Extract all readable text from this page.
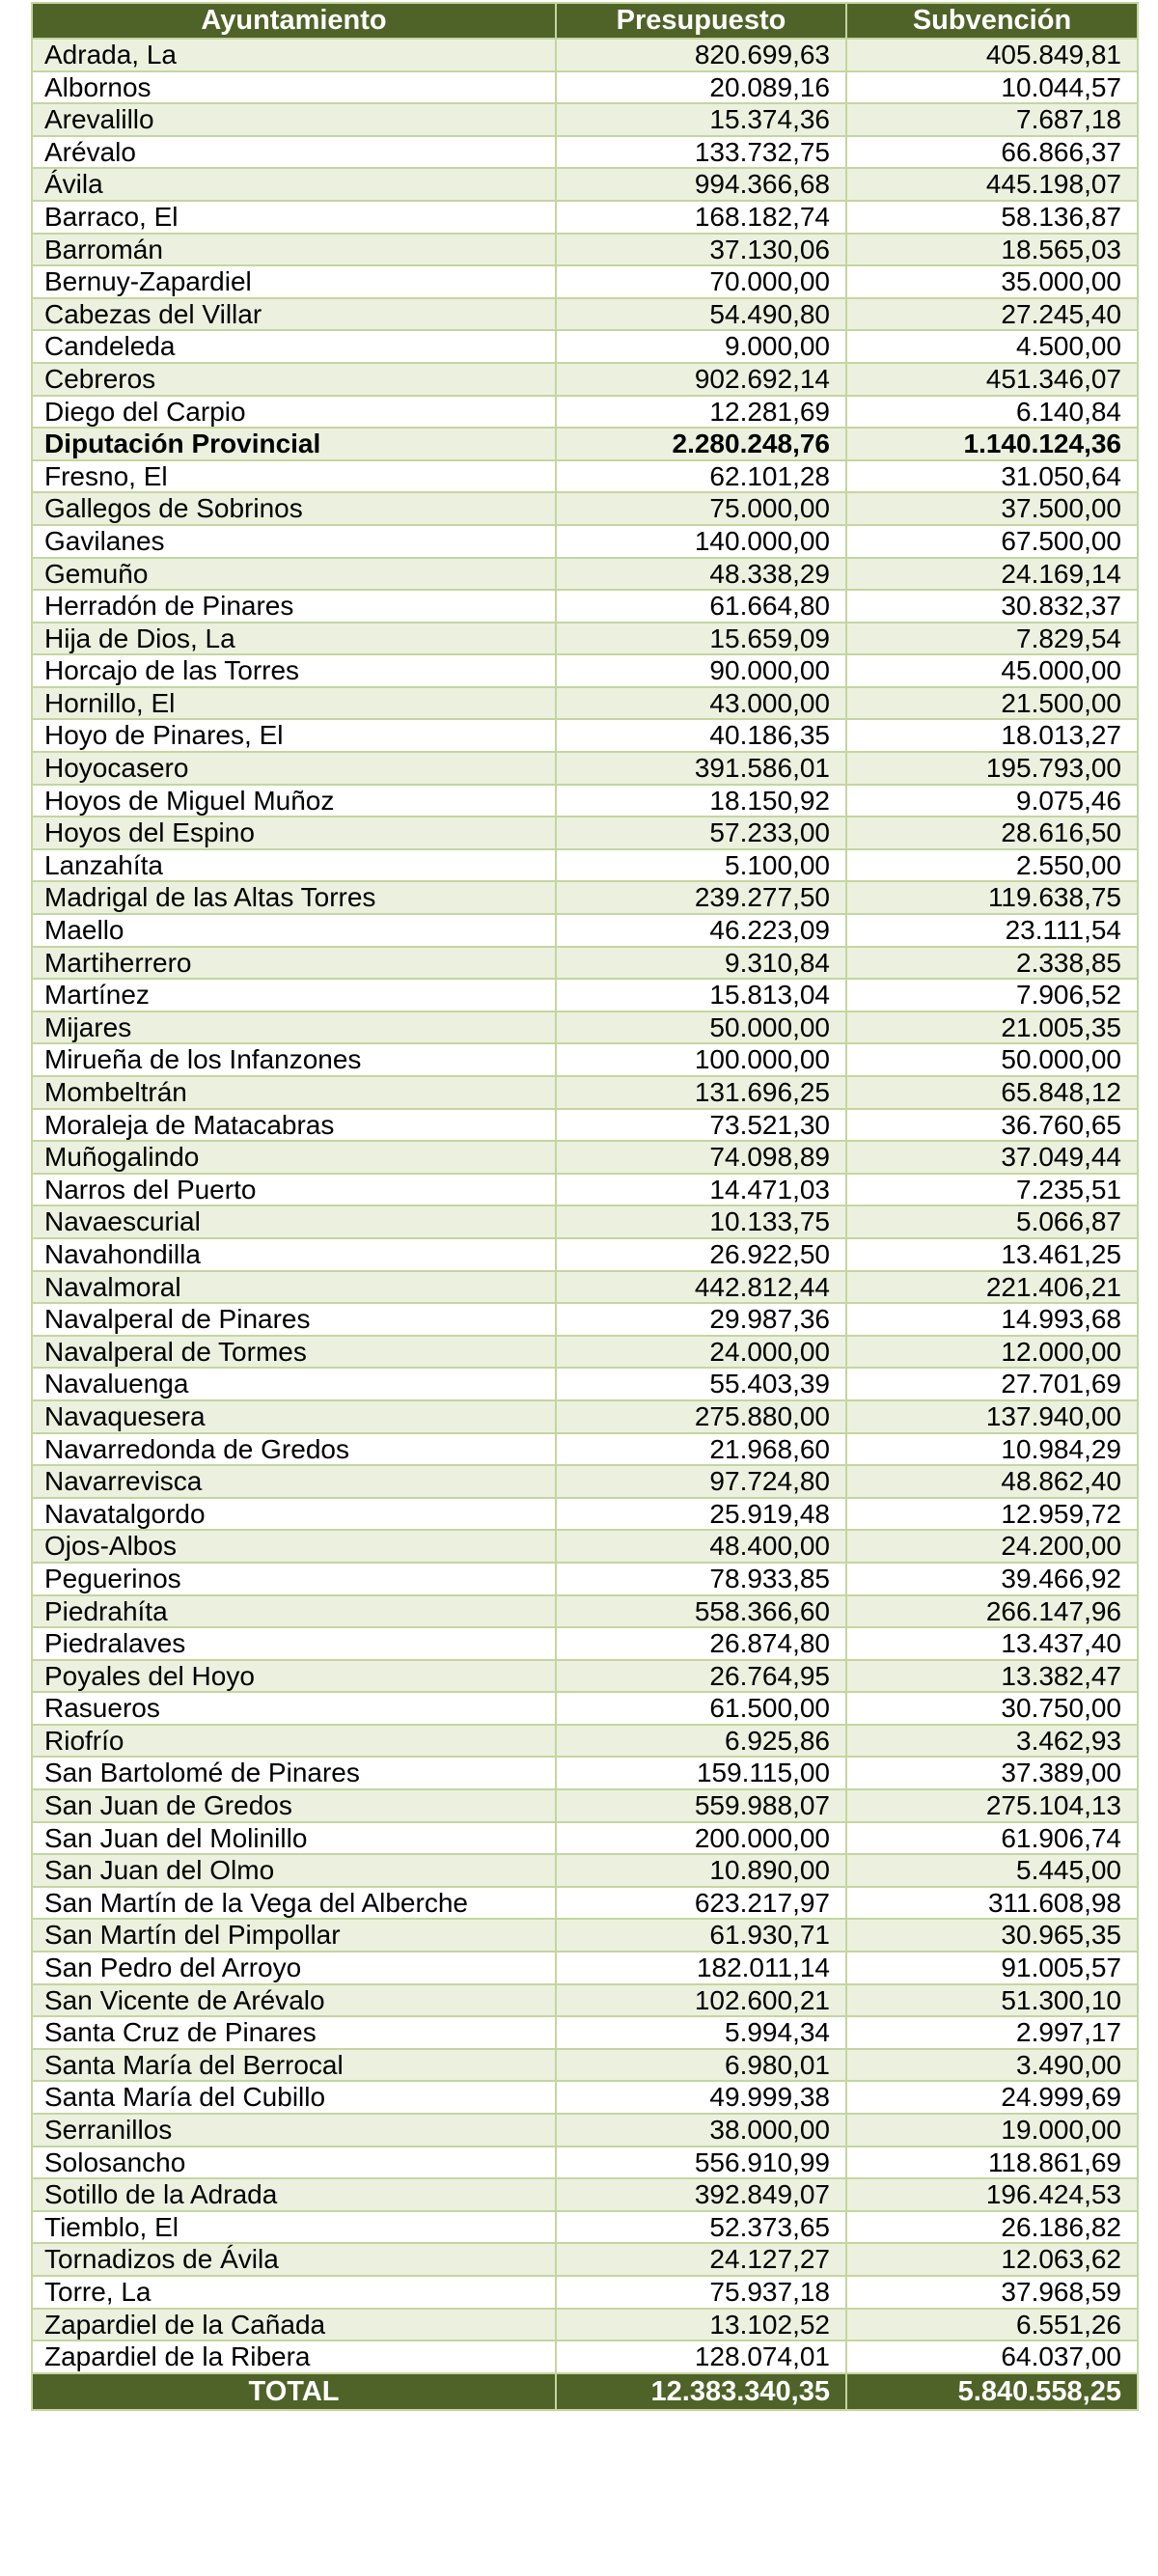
Ayuntamiento	Presupuesto	Subvención
Adrada, La	820.699,63	405.849,81
Albornos	20.089,16	10.044,57
Arevalillo	15.374,36	7.687,18
Arévalo	133.732,75	66.866,37
Ávila	994.366,68	445.198,07
Barraco, El	168.182,74	58.136,87
Barromán	37.130,06	18.565,03
Bernuy-Zapardiel	70.000,00	35.000,00
Cabezas del Villar	54.490,80	27.245,40
Candeleda	9.000,00	4.500,00
Cebreros	902.692,14	451.346,07
Diego del Carpio	12.281,69	6.140,84
Diputación Provincial	2.280.248,76	1.140.124,36
Fresno, El	62.101,28	31.050,64
Gallegos de Sobrinos	75.000,00	37.500,00
Gavilanes	140.000,00	67.500,00
Gemuño	48.338,29	24.169,14
Herradón de Pinares	61.664,80	30.832,37
Hija de Dios, La	15.659,09	7.829,54
Horcajo de las Torres	90.000,00	45.000,00
Hornillo, El	43.000,00	21.500,00
Hoyo de Pinares, El	40.186,35	18.013,27
Hoyocasero	391.586,01	195.793,00
Hoyos de Miguel Muñoz	18.150,92	9.075,46
Hoyos del Espino	57.233,00	28.616,50
Lanzahíta	5.100,00	2.550,00
Madrigal de las Altas Torres	239.277,50	119.638,75
Maello	46.223,09	23.111,54
Martiherrero	9.310,84	2.338,85
Martínez	15.813,04	7.906,52
Mijares	50.000,00	21.005,35
Mirueña de los Infanzones	100.000,00	50.000,00
Mombeltrán	131.696,25	65.848,12
Moraleja de Matacabras	73.521,30	36.760,65
Muñogalindo	74.098,89	37.049,44
Narros del Puerto	14.471,03	7.235,51
Navaescurial	10.133,75	5.066,87
Navahondilla	26.922,50	13.461,25
Navalmoral	442.812,44	221.406,21
Navalperal de Pinares	29.987,36	14.993,68
Navalperal de Tormes	24.000,00	12.000,00
Navaluenga	55.403,39	27.701,69
Navaquesera	275.880,00	137.940,00
Navarredonda de Gredos	21.968,60	10.984,29
Navarrevisca	97.724,80	48.862,40
Navatalgordo	25.919,48	12.959,72
Ojos-Albos	48.400,00	24.200,00
Peguerinos	78.933,85	39.466,92
Piedrahíta	558.366,60	266.147,96
Piedralaves	26.874,80	13.437,40
Poyales del Hoyo	26.764,95	13.382,47
Rasueros	61.500,00	30.750,00
Riofrío	6.925,86	3.462,93
San Bartolomé de Pinares	159.115,00	37.389,00
San Juan de Gredos	559.988,07	275.104,13
San Juan del Molinillo	200.000,00	61.906,74
San Juan del Olmo	10.890,00	5.445,00
San Martín de la Vega del Alberche	623.217,97	311.608,98
San Martín del Pimpollar	61.930,71	30.965,35
San Pedro del Arroyo	182.011,14	91.005,57
San Vicente de Arévalo	102.600,21	51.300,10
Santa Cruz de Pinares	5.994,34	2.997,17
Santa María del Berrocal	6.980,01	3.490,00
Santa María del Cubillo	49.999,38	24.999,69
Serranillos	38.000,00	19.000,00
Solosancho	556.910,99	118.861,69
Sotillo de la Adrada	392.849,07	196.424,53
Tiemblo, El	52.373,65	26.186,82
Tornadizos de Ávila	24.127,27	12.063,62
Torre, La	75.937,18	37.968,59
Zapardiel de la Cañada	13.102,52	6.551,26
Zapardiel de la Ribera	128.074,01	64.037,00
TOTAL	12.383.340,35	5.840.558,25
